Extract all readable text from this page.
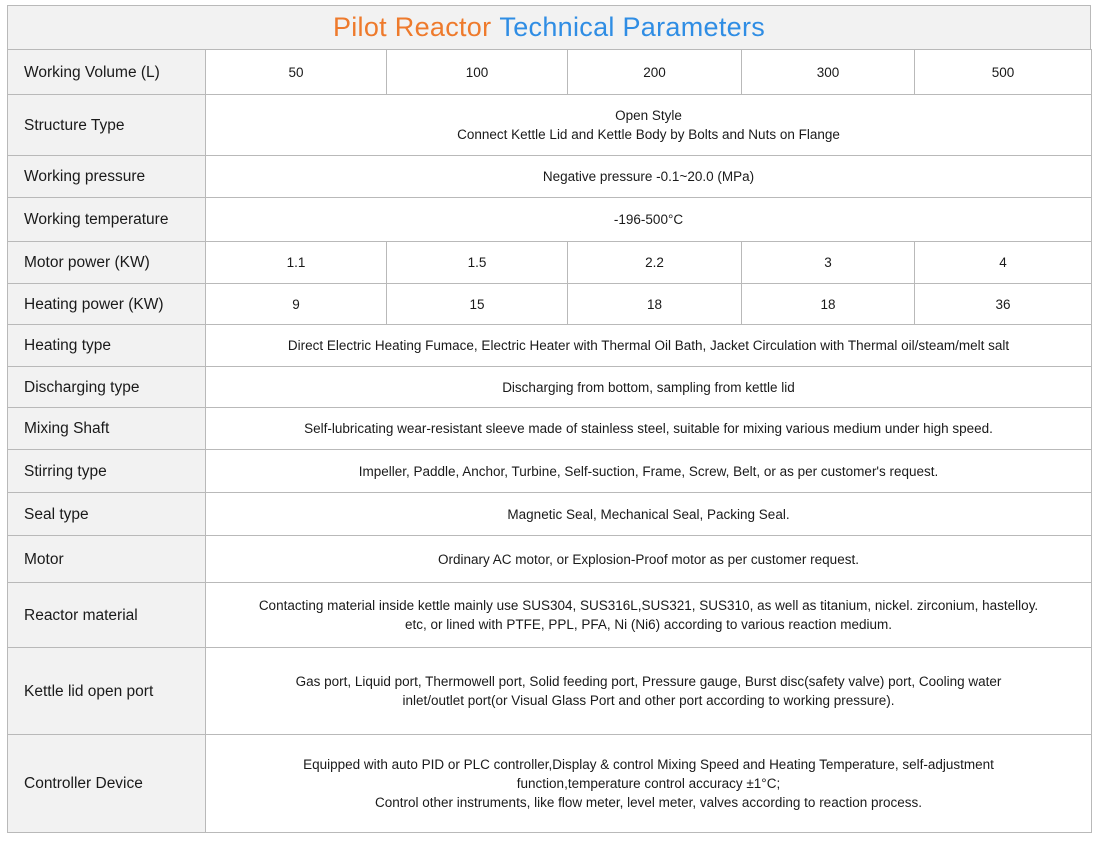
Pilot Reactor Technical Parameters
Working Volume (L)	50	100	200	300	500
Structure Type	Open Style
Connect Kettle Lid and Kettle Body by Bolts and Nuts on Flange				

Working pressure	Negative pressure -0.1~20.0 (MPa)				
Working temperature	-196-500°C				
Motor power (KW)	1.1	1.5	2.2	3	4
Heating power (KW)	9	15	18	18	36
Heating type	Direct Electric Heating Fumace, Electric Heater with Thermal Oil Bath, Jacket Circulation with Thermal oil/steam/melt salt				
Discharging type	Discharging from bottom, sampling from kettle lid				
Mixing Shaft	Self-lubricating wear-resistant sleeve made of stainless steel, suitable for mixing various medium under high speed.				
Stirring type	Impeller, Paddle, Anchor, Turbine, Self-suction, Frame, Screw, Belt, or as per customer's request.				
Seal type	Magnetic Seal, Mechanical Seal, Packing Seal.				
Motor	Ordinary AC motor, or Explosion-Proof motor as per customer request.				
Reactor material	Contacting material inside kettle mainly use SUS304, SUS316L,SUS321, SUS310, as well as titanium, nickel. zirconium, hastelloy.
etc, or lined with PTFE, PPL, PFA, Ni (Ni6) according to various reaction medium.				

Kettle lid open port	Gas port, Liquid port, Thermowell port, Solid feeding port, Pressure gauge, Burst disc(safety valve) port, Cooling water
inlet/outlet port(or Visual Glass Port and other port according to working pressure).				

Controller Device	Equipped with auto PID or PLC controller,Display & control Mixing Speed and Heating Temperature, self-adjustment
function,temperature control accuracy ±1°C;
Control other instruments, like flow meter, level meter, valves according to reaction process.				
